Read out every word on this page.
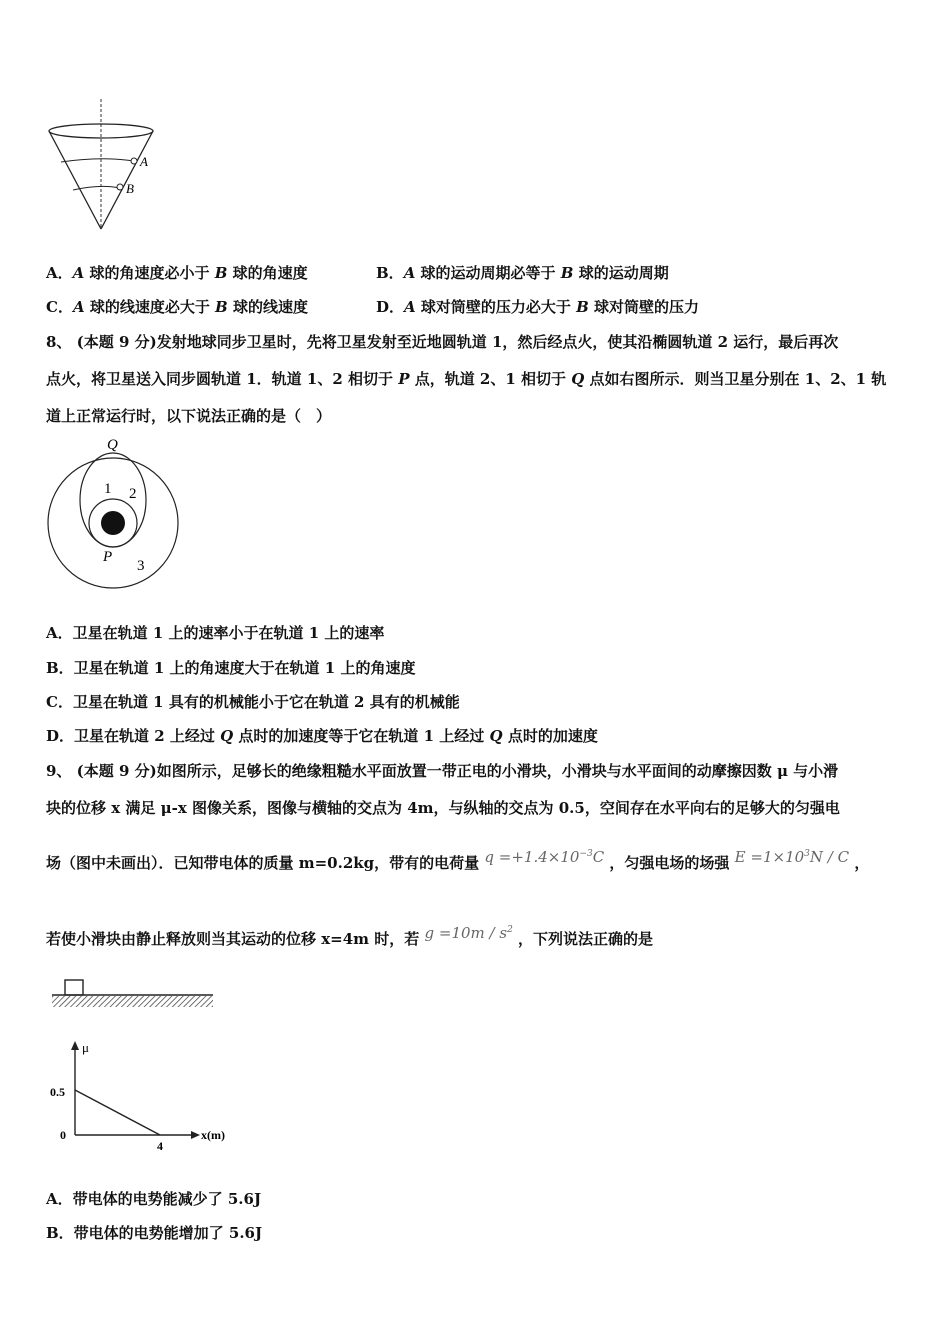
A
B
A．A 球的角速度必小于 B 球的角速度	B．A 球的运动周期必等于 B 球的运动周期
C．A 球的线速度必大于 B 球的线速度	D．A 球对筒壁的压力必大于 B 球对筒壁的压力
8、 (本题 9 分)发射地球同步卫星时，先将卫星发射至近地圆轨道 1，然后经点火，使其沿椭圆轨道 2 运行，最后再次
点火，将卫星送入同步圆轨道 1．轨道 1、2 相切于 P 点，轨道 2、1 相切于 Q 点如右图所示．则当卫星分别在 1、2、1 轨
道上正常运行时，以下说法正确的是（　）
Q
1 2
P
3
A．卫星在轨道 1 上的速率小于在轨道 1 上的速率
B．卫星在轨道 1 上的角速度大于在轨道 1 上的角速度
C．卫星在轨道 1 具有的机械能小于它在轨道 2 具有的机械能
D．卫星在轨道 2 上经过 Q 点时的加速度等于它在轨道 1 上经过 Q 点时的加速度
9、 (本题 9 分)如图所示，足够长的绝缘粗糙水平面放置一带正电的小滑块，小滑块与水平面间的动摩擦因数 μ 与小滑
块的位移 x 满足 μ-x 图像关系，图像与横轴的交点为 4m，与纵轴的交点为 0.5，空间存在水平向右的足够大的匀强电
场（图中未画出）．已知带电体的质量 m=0.2kg，带有的电荷量 $q =+1.4\times 10^{-3}C$ ，匀强电场的场强 $E =1\times 10^3N / C$ ，
若使小滑块由静止释放则当其运动的位移 x=4m 时，若 $g =10m / s^2$ ，下列说法正确的是
μ
x(m)
0.5
0
4
A．带电体的电势能减少了 5.6J
B．带电体的电势能增加了 5.6J
